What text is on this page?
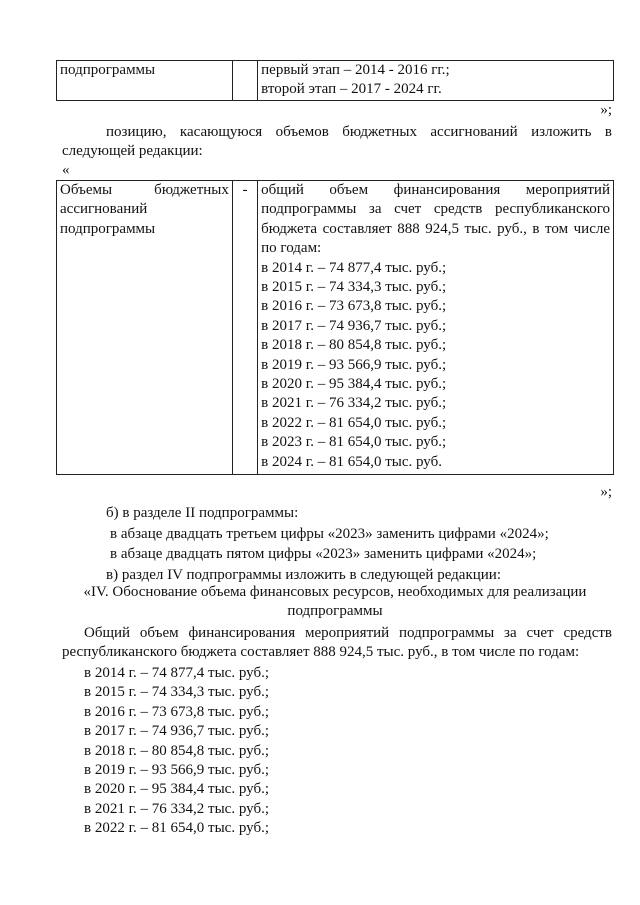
подпрограммы		первый этап – 2014 - 2016 гг.;
второй этап – 2017 - 2024 гг.
»;
позицию, касающуюся объемов бюджетных ассигнований изложить в
следующей редакции:
«
Объемы бюджетных
ассигнований
подпрограммы
	-	общий объем финансирования мероприятий
подпрограммы за счет средств республиканского
бюджета составляет 888 924,5 тыс. руб., в том числе
по годам:
в 2014 г. – 74 877,4 тыс. руб.;
в 2015 г. – 74 334,3 тыс. руб.;
в 2016 г. – 73 673,8 тыс. руб.;
в 2017 г. – 74 936,7 тыс. руб.;
в 2018 г. – 80 854,8 тыс. руб.;
в 2019 г. – 93 566,9 тыс. руб.;
в 2020 г. – 95 384,4 тыс. руб.;
в 2021 г. – 76 334,2 тыс. руб.;
в 2022 г. – 81 654,0 тыс. руб.;
в 2023 г. – 81 654,0 тыс. руб.;
в 2024 г. – 81 654,0 тыс. руб.
»;
б) в разделе II подпрограммы:
в абзаце двадцать третьем цифры «2023» заменить цифрами «2024»;
в абзаце двадцать пятом цифры «2023» заменить цифрами «2024»;
в) раздел IV подпрограммы изложить в следующей редакции:
«IV. Обоснование объема финансовых ресурсов, необходимых для реализации
подпрограммы
Общий объем финансирования мероприятий подпрограммы за счет средств
республиканского бюджета составляет 888 924,5 тыс. руб., в том числе по годам:
в 2014 г. – 74 877,4 тыс. руб.;
в 2015 г. – 74 334,3 тыс. руб.;
в 2016 г. – 73 673,8 тыс. руб.;
в 2017 г. – 74 936,7 тыс. руб.;
в 2018 г. – 80 854,8 тыс. руб.;
в 2019 г. – 93 566,9 тыс. руб.;
в 2020 г. – 95 384,4 тыс. руб.;
в 2021 г. – 76 334,2 тыс. руб.;
в 2022 г. – 81 654,0 тыс. руб.;
